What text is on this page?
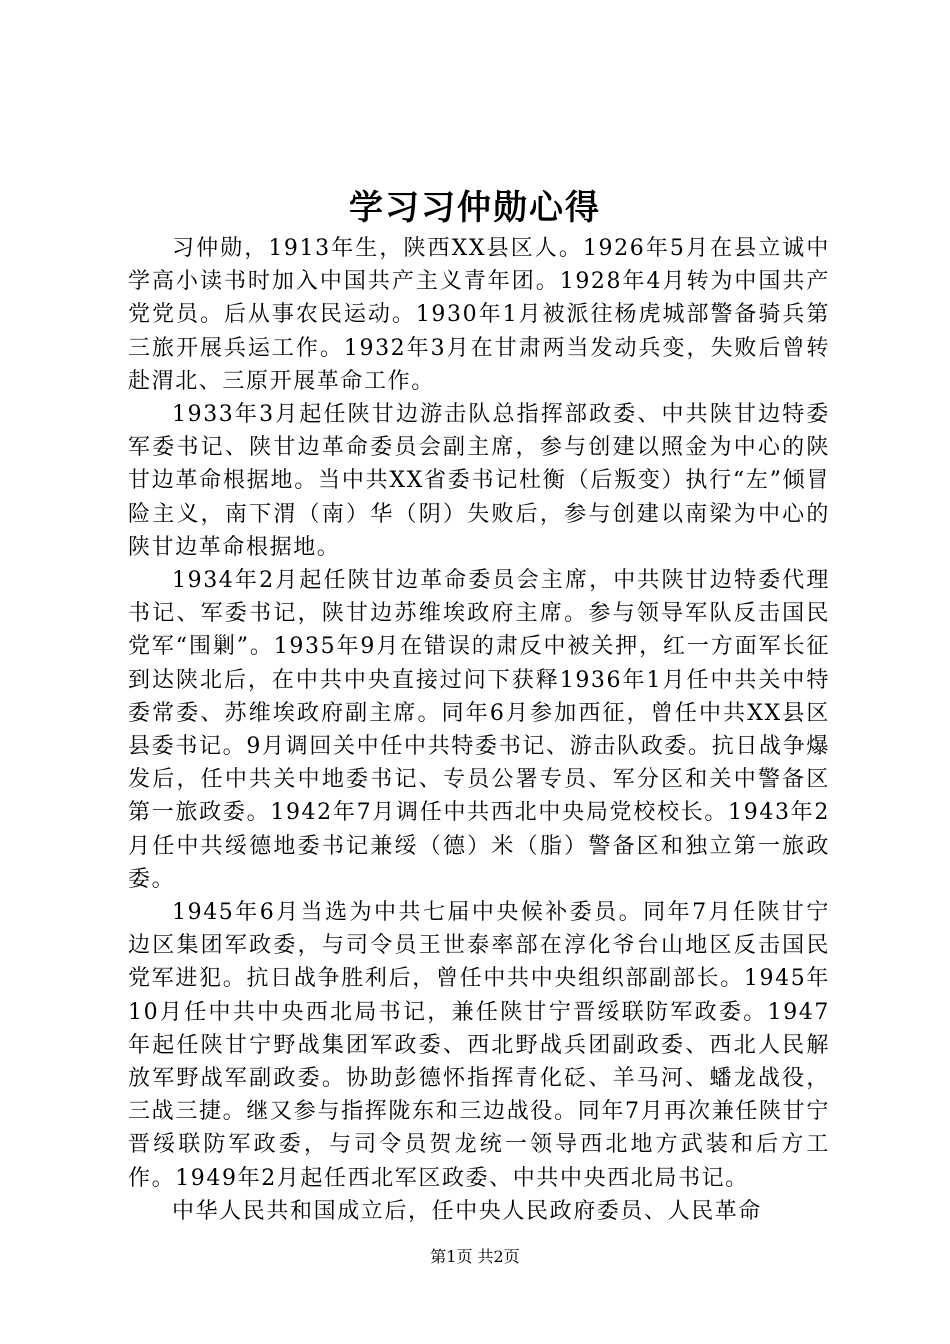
学习习仲勋心得

习仲勋，1913年生，陕西XX县区人。1926年5月在县立诚中学高小读书时加入中国共产主义青年团。1928年4月转为中国共产党党员。后从事农民运动。1930年1月被派往杨虎城部警备骑兵第三旅开展兵运工作。1932年3月在甘肃两当发动兵变，失败后曾转赴渭北、三原开展革命工作。

1933年3月起任陕甘边游击队总指挥部政委、中共陕甘边特委军委书记、陕甘边革命委员会副主席，参与创建以照金为中心的陕甘边革命根据地。当中共XX省委书记杜衡（后叛变）执行“左”倾冒险主义，南下渭（南）华（阴）失败后，参与创建以南梁为中心的陕甘边革命根据地。

1934年2月起任陕甘边革命委员会主席，中共陕甘边特委代理书记、军委书记，陕甘边苏维埃政府主席。参与领导军队反击国民党军“围剿”。1935年9月在错误的肃反中被关押，红一方面军长征到达陕北后，在中共中央直接过问下获释1936年1月任中共关中特委常委、苏维埃政府副主席。同年6月参加西征，曾任中共XX县区县委书记。9月调回关中任中共特委书记、游击队政委。抗日战争爆发后，任中共关中地委书记、专员公署专员、军分区和关中警备区第一旅政委。1942年7月调任中共西北中央局党校校长。1943年2月任中共绥德地委书记兼绥（德）米（脂）警备区和独立第一旅政委。

1945年6月当选为中共七届中央候补委员。同年7月任陕甘宁边区集团军政委，与司令员王世泰率部在淳化爷台山地区反击国民党军进犯。抗日战争胜利后，曾任中共中央组织部副部长。1945年10月任中共中央西北局书记，兼任陕甘宁晋绥联防军政委。1947年起任陕甘宁野战集团军政委、西北野战兵团副政委、西北人民解放军野战军副政委。协助彭德怀指挥青化砭、羊马河、蟠龙战役，三战三捷。继又参与指挥陇东和三边战役。同年7月再次兼任陕甘宁晋绥联防军政委，与司令员贺龙统一领导西北地方武装和后方工作。1949年2月起任西北军区政委、中共中央西北局书记。

中华人民共和国成立后，任中央人民政府委员、人民革命

第1页 共2页
